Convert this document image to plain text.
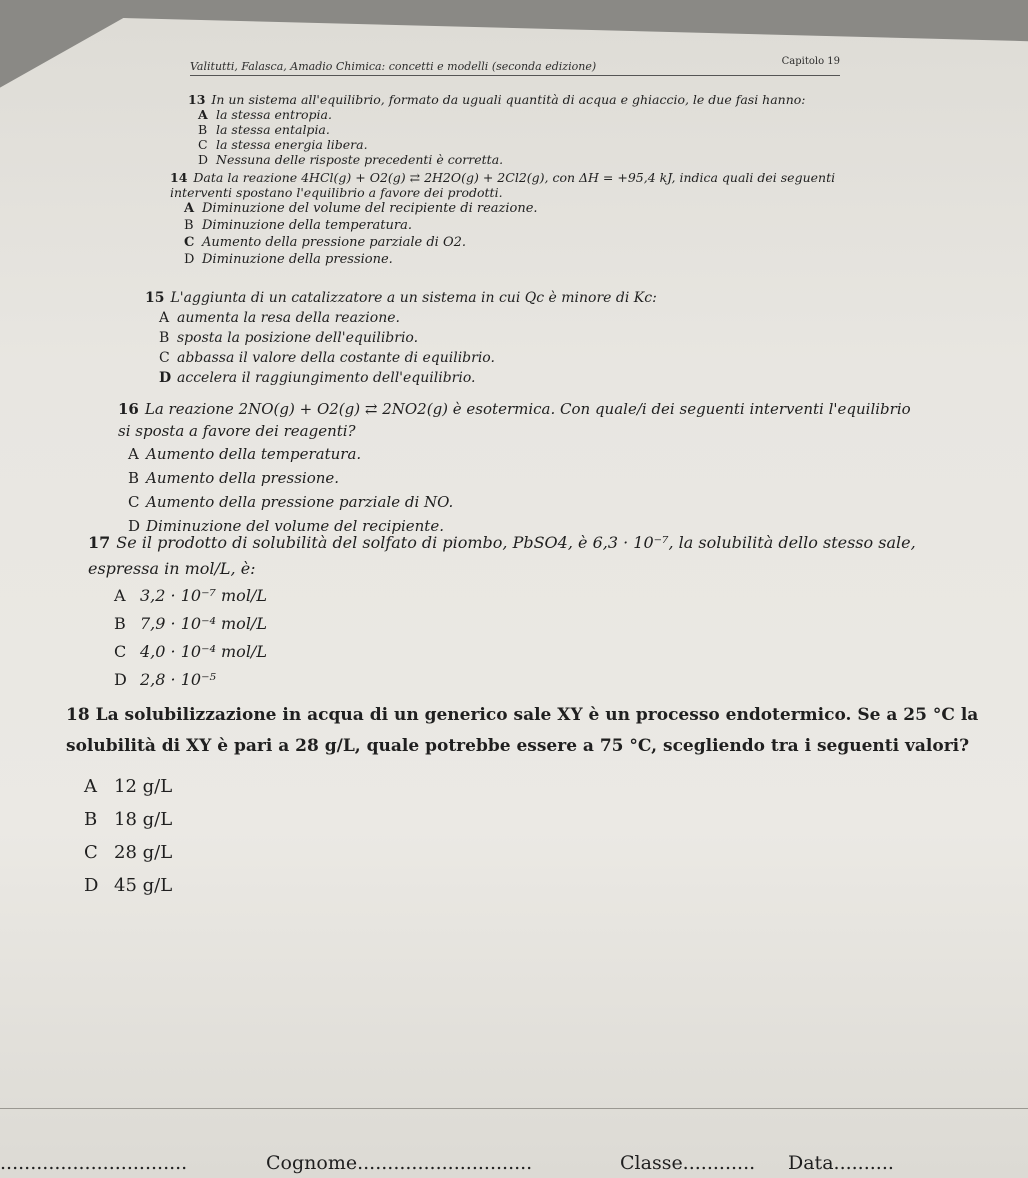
Valitutti, Falasca, Amadio Chimica: concetti e modelli (seconda edizione)	Capitolo 19
13 In un sistema all'equilibrio, formato da uguali quantità di acqua e ghiaccio, le due fasi hanno:
A la stessa entropia.
B la stessa entalpia.
C la stessa energia libera.
D Nessuna delle risposte precedenti è corretta.
14 Data la reazione 4HCl(g) + O2(g) ⇄ 2H2O(g) + 2Cl2(g), con ΔH = +95,4 kJ, indica quali dei seguenti interventi spostano l'equilibrio a favore dei prodotti.
A Diminuzione del volume del recipiente di reazione.
B Diminuzione della temperatura.
C Aumento della pressione parziale di O2.
D Diminuzione della pressione.
15 L'aggiunta di un catalizzatore a un sistema in cui Qc è minore di Kc:
A aumenta la resa della reazione.
B sposta la posizione dell'equilibrio.
C abbassa il valore della costante di equilibrio.
D accelera il raggiungimento dell'equilibrio.
16 La reazione 2NO(g) + O2(g) ⇄ 2NO2(g) è esotermica. Con quale/i dei seguenti interventi l'equilibrio si sposta a favore dei reagenti?
A Aumento della temperatura.
B Aumento della pressione.
C Aumento della pressione parziale di NO.
D Diminuzione del volume del recipiente.
17 Se il prodotto di solubilità del solfato di piombo, PbSO4, è 6,3 · 10⁻⁷, la solubilità dello stesso sale, espressa in mol/L, è:
A 3,2 · 10⁻⁷ mol/L
B 7,9 · 10⁻⁴ mol/L
C 4,0 · 10⁻⁴ mol/L
D 2,8 · 10⁻⁵
18 La solubilizzazione in acqua di un generico sale XY è un processo endotermico. Se a 25 °C la solubilità di XY è pari a 28 g/L, quale potrebbe essere a 75 °C, scegliendo tra i seguenti valori?
A 12 g/L
B 18 g/L
C 28 g/L
D 45 g/L
...............................	Cognome.............................	Classe............ Data..........
